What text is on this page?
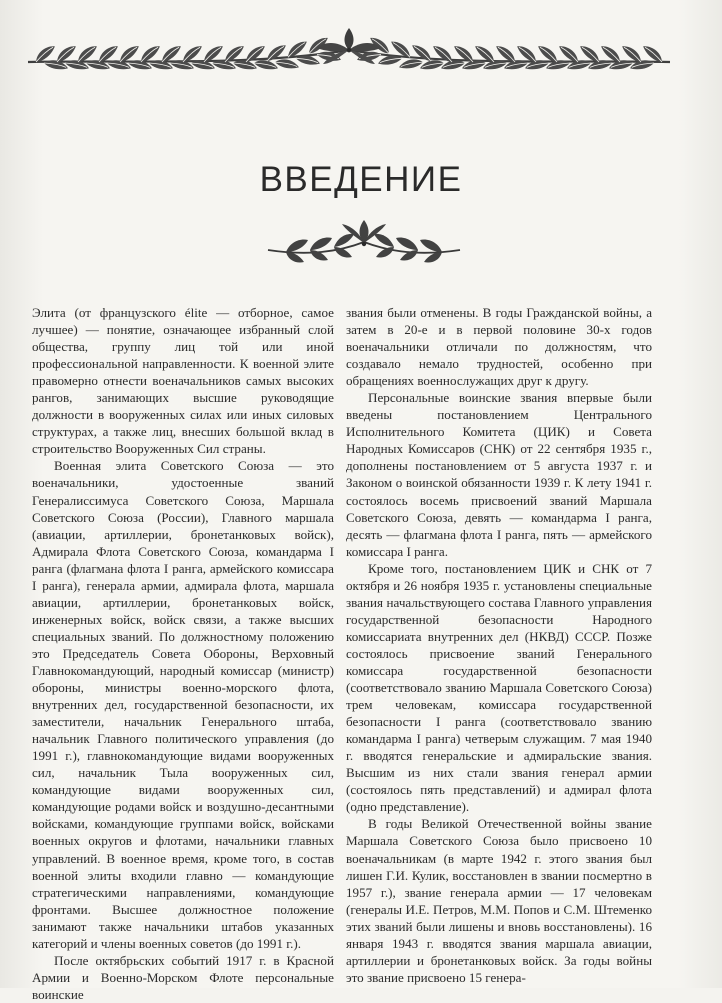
ВВЕДЕНИЕ

Элита (от французского élite — отборное, самое лучшее) — понятие, означающее избранный слой общества, группу лиц той или иной профессиональной направленности. К военной элите правомерно отнести военачальников самых высоких рангов, занимающих высшие руководящие должности в вооруженных силах или иных силовых структурах, а также лиц, внесших большой вклад в строительство Вооруженных Сил страны.

Военная элита Советского Союза — это военачальники, удостоенные званий Генералиссимуса Советского Союза, Маршала Советского Союза (России), Главного маршала (авиации, артиллерии, бронетанковых войск), Адмирала Флота Советского Союза, командарма I ранга (флагмана флота I ранга, армейского комиссара I ранга), генерала армии, адмирала флота, маршала авиации, артиллерии, бронетанковых войск, инженерных войск, войск связи, а также высших специальных званий. По должностному положению это Председатель Совета Обороны, Верховный Главнокомандующий, народный комиссар (министр) обороны, министры военно-морского флота, внутренних дел, государственной безопасности, их заместители, начальник Генерального штаба, начальник Главного политического управления (до 1991 г.), главнокомандующие видами вооруженных сил, начальник Тыла вооруженных сил, командующие видами вооруженных сил, командующие родами войск и воздушно-десантными войсками, командующие группами войск, войсками военных округов и флотами, начальники главных управлений. В военное время, кроме того, в состав военной элиты входили главно — командующие стратегическими направлениями, командующие фронтами. Высшее должностное положение занимают также начальники штабов указанных категорий и члены военных советов (до 1991 г.).

После октябрьских событий 1917 г. в Красной Армии и Военно-Морском Флоте персональные воинские

звания были отменены. В годы Гражданской войны, а затем в 20-е и в первой половине 30-х годов военачальники отличали по должностям, что создавало немало трудностей, особенно при обращениях военнослужащих друг к другу.

Персональные воинские звания впервые были введены постановлением Центрального Исполнительного Комитета (ЦИК) и Совета Народных Комиссаров (СНК) от 22 сентября 1935 г., дополнены постановлением от 5 августа 1937 г. и Законом о воинской обязанности 1939 г. К лету 1941 г. состоялось восемь присвоений званий Маршала Советского Союза, девять — командарма I ранга, десять — флагмана флота I ранга, пять — армейского комиссара I ранга.

Кроме того, постановлением ЦИК и СНК от 7 октября и 26 ноября 1935 г. установлены специальные звания начальствующего состава Главного управления государственной безопасности Народного комиссариата внутренних дел (НКВД) СССР. Позже состоялось присвоение званий Генерального комиссара государственной безопасности (соответствовало званию Маршала Советского Союза) трем человекам, комиссара государственной безопасности I ранга (соответствовало званию командарма I ранга) четверым служащим. 7 мая 1940 г. вводятся генеральские и адмиральские звания. Высшим из них стали звания генерал армии (состоялось пять представлений) и адмирал флота (одно представление).

В годы Великой Отечественной войны звание Маршала Советского Союза было присвоено 10 военачальникам (в марте 1942 г. этого звания был лишен Г.И. Кулик, восстановлен в звании посмертно в 1957 г.), звание генерала армии — 17 человекам (генералы И.Е. Петров, М.М. Попов и С.М. Штеменко этих званий были лишены и вновь восстановлены). 16 января 1943 г. вводятся звания маршала авиации, артиллерии и бронетанковых войск. За годы войны это звание присвоено 15 генера-
